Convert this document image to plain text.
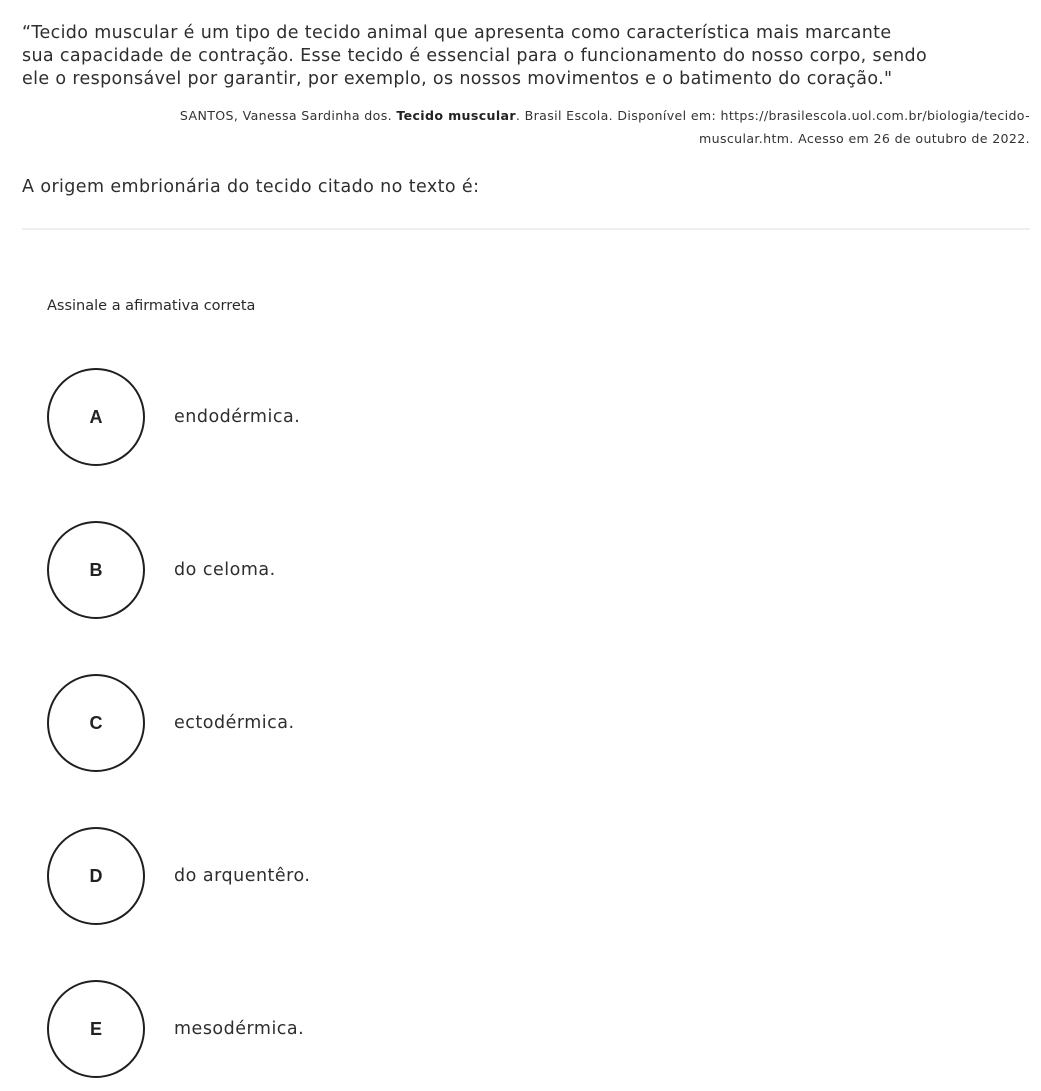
“Tecido muscular é um tipo de tecido animal que apresenta como característica mais marcante
sua capacidade de contração. Esse tecido é essencial para o funcionamento do nosso corpo, sendo
ele o responsável por garantir, por exemplo, os nossos movimentos e o batimento do coração."
SANTOS, Vanessa Sardinha dos. Tecido muscular. Brasil Escola. Disponível em: https://brasilescola.uol.com.br/biologia/tecido-
muscular.htm. Acesso em 26 de outubro de 2022.
A origem embrionária do tecido citado no texto é:
Assinale a afirmativa correta
A	endodérmica.
B	do celoma.
C	ectodérmica.
D	do arquentêro.
E	mesodérmica.
